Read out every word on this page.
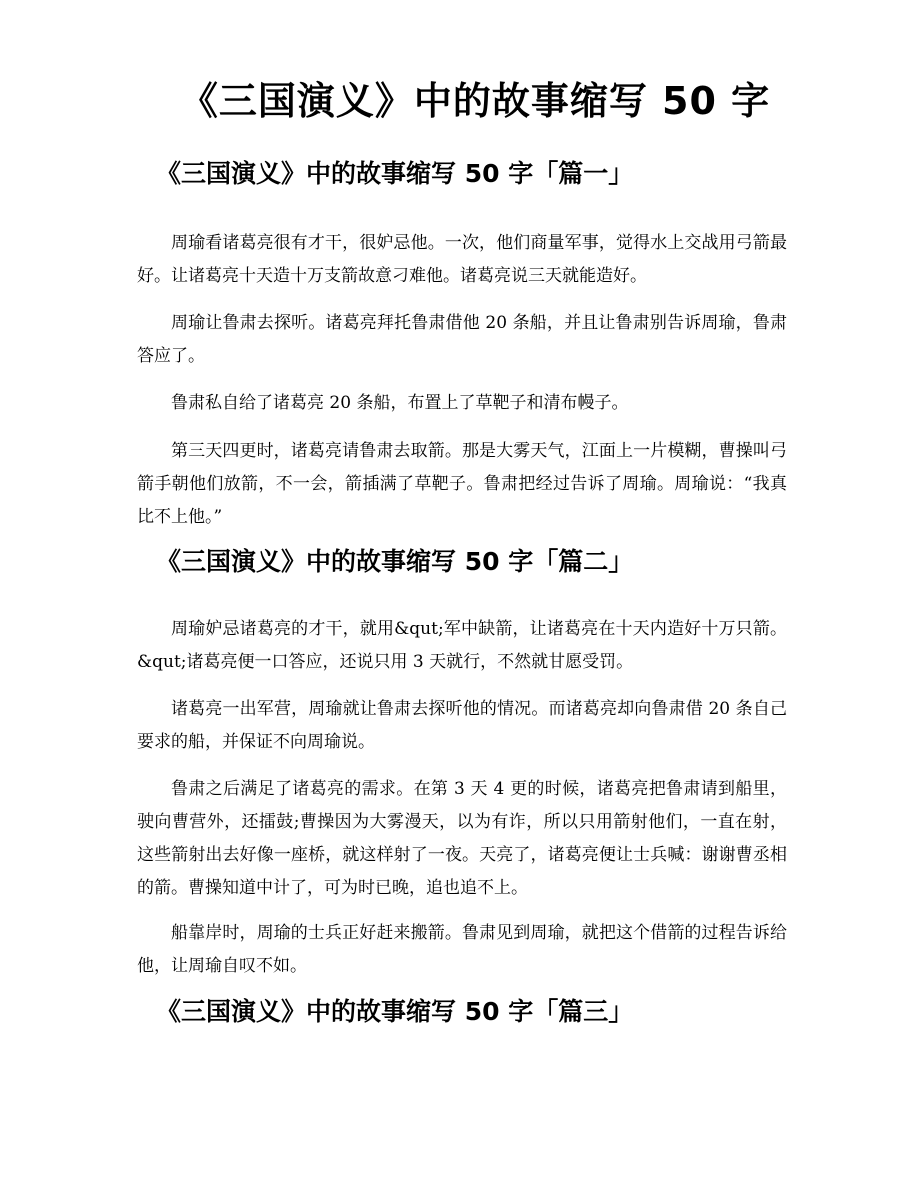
《三国演义》中的故事缩写 50 字
《三国演义》中的故事缩写 50 字「篇一」

周瑜看诸葛亮很有才干，很妒忌他。一次，他们商量军事，觉得水上交战用弓箭最好。让诸葛亮十天造十万支箭故意刁难他。诸葛亮说三天就能造好。

周瑜让鲁肃去探听。诸葛亮拜托鲁肃借他 20 条船，并且让鲁肃别告诉周瑜，鲁肃答应了。

鲁肃私自给了诸葛亮 20 条船，布置上了草靶子和清布幔子。

第三天四更时，诸葛亮请鲁肃去取箭。那是大雾天气，江面上一片模糊，曹操叫弓箭手朝他们放箭，不一会，箭插满了草靶子。鲁肃把经过告诉了周瑜。周瑜说：“我真比不上他。”

《三国演义》中的故事缩写 50 字「篇二」

周瑜妒忌诸葛亮的才干，就用&qut;军中缺箭，让诸葛亮在十天内造好十万只箭。&qut;诸葛亮便一口答应，还说只用 3 天就行，不然就甘愿受罚。

诸葛亮一出军营，周瑜就让鲁肃去探听他的情况。而诸葛亮却向鲁肃借 20 条自己要求的船，并保证不向周瑜说。

鲁肃之后满足了诸葛亮的需求。在第 3 天 4 更的时候，诸葛亮把鲁肃请到船里，驶向曹营外，还擂鼓;曹操因为大雾漫天，以为有诈，所以只用箭射他们，一直在射，这些箭射出去好像一座桥，就这样射了一夜。天亮了，诸葛亮便让士兵喊：谢谢曹丞相的箭。曹操知道中计了，可为时已晚，追也追不上。

船靠岸时，周瑜的士兵正好赶来搬箭。鲁肃见到周瑜，就把这个借箭的过程告诉给他，让周瑜自叹不如。

《三国演义》中的故事缩写 50 字「篇三」
